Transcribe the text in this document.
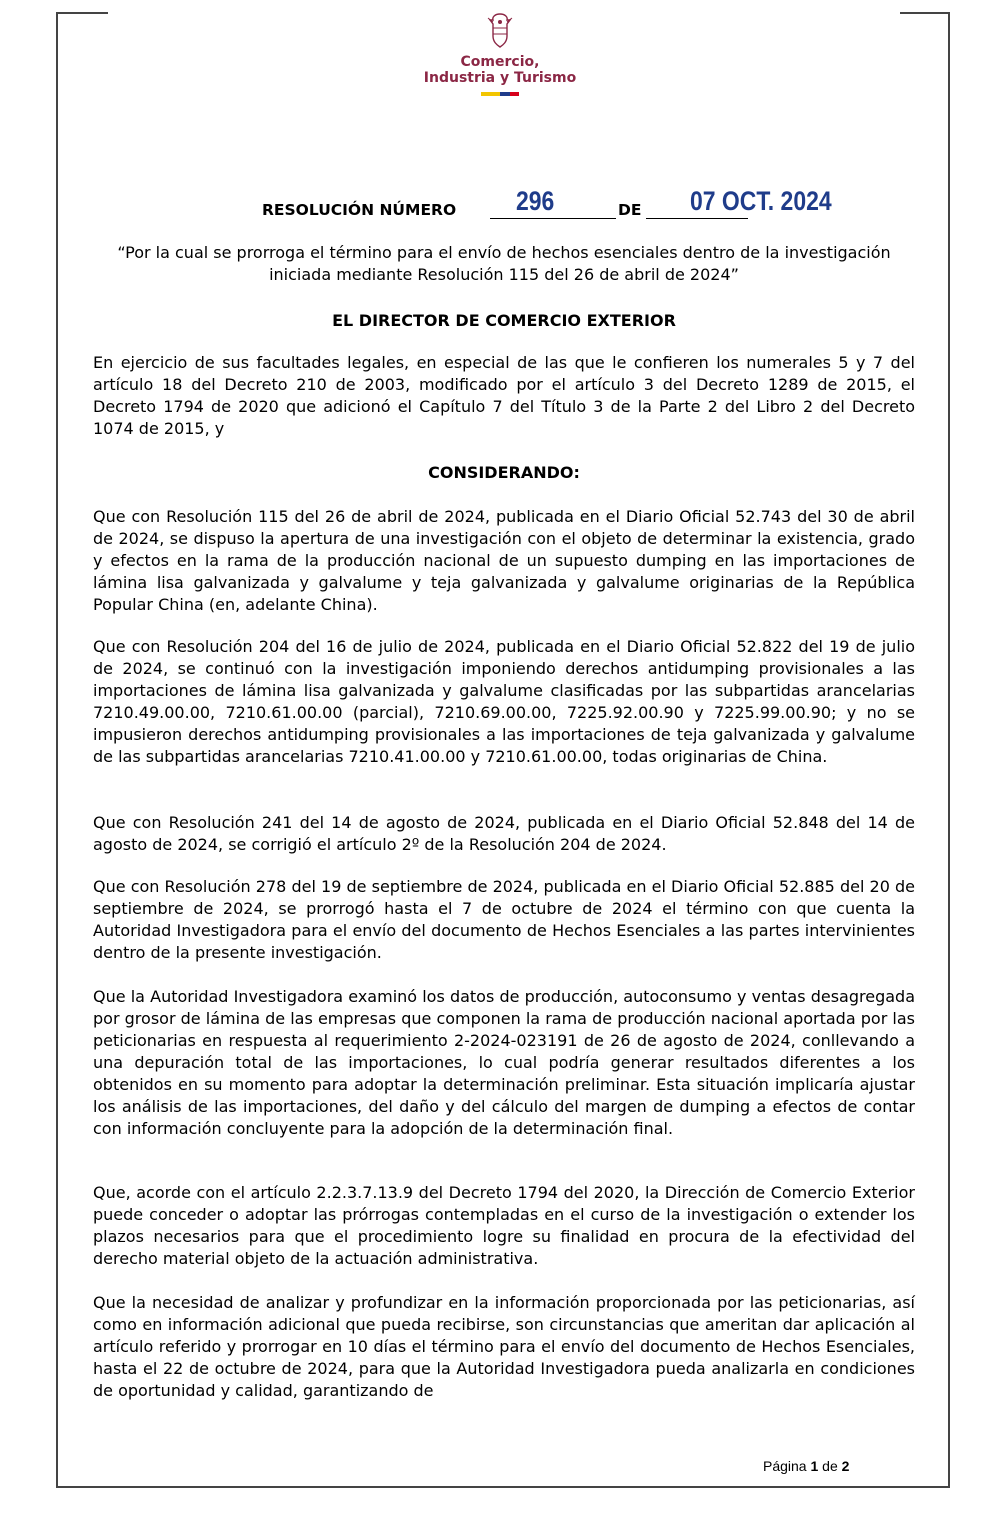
Comercio,
Industria y Turismo
RESOLUCIÓN NÚMERO 296	DE 07 OCT. 2024
“Por la cual se prorroga el término para el envío de hechos esenciales dentro de la investigación iniciada mediante Resolución 115 del 26 de abril de 2024”
EL DIRECTOR DE COMERCIO EXTERIOR
En ejercicio de sus facultades legales, en especial de las que le confieren los numerales 5 y 7 del artículo 18 del Decreto 210 de 2003, modificado por el artículo 3 del Decreto 1289 de 2015, el Decreto 1794 de 2020 que adicionó el Capítulo 7 del Título 3 de la Parte 2 del Libro 2 del Decreto 1074 de 2015, y
CONSIDERANDO:
Que con Resolución 115 del 26 de abril de 2024, publicada en el Diario Oficial 52.743 del 30 de abril de 2024, se dispuso la apertura de una investigación con el objeto de determinar la existencia, grado y efectos en la rama de la producción nacional de un supuesto dumping en las importaciones de lámina lisa galvanizada y galvalume y teja galvanizada y galvalume originarias de la República Popular China (en, adelante China).
Que con Resolución 204 del 16 de julio de 2024, publicada en el Diario Oficial 52.822 del 19 de julio de 2024, se continuó con la investigación imponiendo derechos antidumping provisionales a las importaciones de lámina lisa galvanizada y galvalume clasificadas por las subpartidas arancelarias 7210.49.00.00, 7210.61.00.00 (parcial), 7210.69.00.00, 7225.92.00.90 y 7225.99.00.90; y no se impusieron derechos antidumping provisionales a las importaciones de teja galvanizada y galvalume de las subpartidas arancelarias 7210.41.00.00 y 7210.61.00.00, todas originarias de China.
Que con Resolución 241 del 14 de agosto de 2024, publicada en el Diario Oficial 52.848 del 14 de agosto de 2024, se corrigió el artículo 2º de la Resolución 204 de 2024.
Que con Resolución 278 del 19 de septiembre de 2024, publicada en el Diario Oficial 52.885 del 20 de septiembre de 2024, se prorrogó hasta el 7 de octubre de 2024 el término con que cuenta la Autoridad Investigadora para el envío del documento de Hechos Esenciales a las partes intervinientes dentro de la presente investigación.
Que la Autoridad Investigadora examinó los datos de producción, autoconsumo y ventas desagregada por grosor de lámina de las empresas que componen la rama de producción nacional aportada por las peticionarias en respuesta al requerimiento 2-2024-023191 de 26 de agosto de 2024, conllevando a una depuración total de las importaciones, lo cual podría generar resultados diferentes a los obtenidos en su momento para adoptar la determinación preliminar. Esta situación implicaría ajustar los análisis de las importaciones, del daño y del cálculo del margen de dumping a efectos de contar con información concluyente para la adopción de la determinación final.
Que, acorde con el artículo 2.2.3.7.13.9 del Decreto 1794 del 2020, la Dirección de Comercio Exterior puede conceder o adoptar las prórrogas contempladas en el curso de la investigación o extender los plazos necesarios para que el procedimiento logre su finalidad en procura de la efectividad del derecho material objeto de la actuación administrativa.
Que la necesidad de analizar y profundizar en la información proporcionada por las peticionarias, así como en información adicional que pueda recibirse, son circunstancias que ameritan dar aplicación al artículo referido y prorrogar en 10 días el término para el envío del documento de Hechos Esenciales, hasta el 22 de octubre de 2024, para que la Autoridad Investigadora pueda analizarla en condiciones de oportunidad y calidad, garantizando de
Página 1 de 2
